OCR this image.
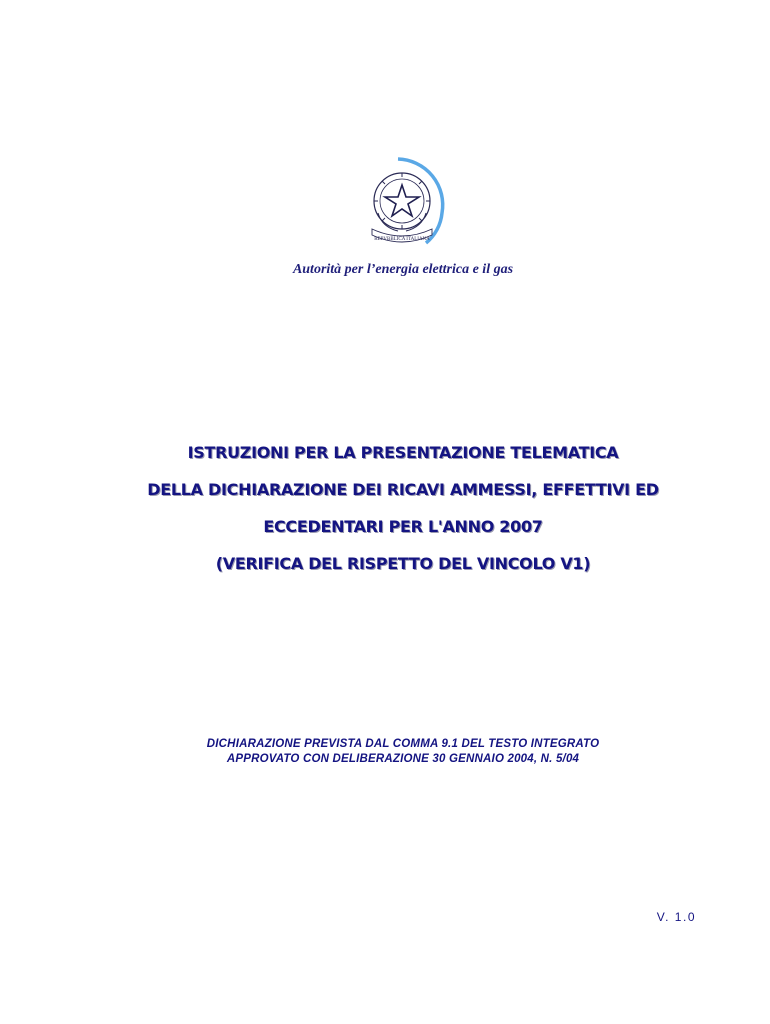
REPVBBLICA ITALIANA
Autorità per l’energia elettrica e il gas
ISTRUZIONI PER LA PRESENTAZIONE TELEMATICA
DELLA DICHIARAZIONE DEI RICAVI AMMESSI, EFFETTIVI ED
ECCEDENTARI PER L'ANNO 2007
(VERIFICA DEL RISPETTO DEL VINCOLO V1)
DICHIARAZIONE PREVISTA DAL COMMA 9.1 DEL TESTO INTEGRATO
APPROVATO CON DELIBERAZIONE 30 GENNAIO 2004, N. 5/04
V. 1.0
